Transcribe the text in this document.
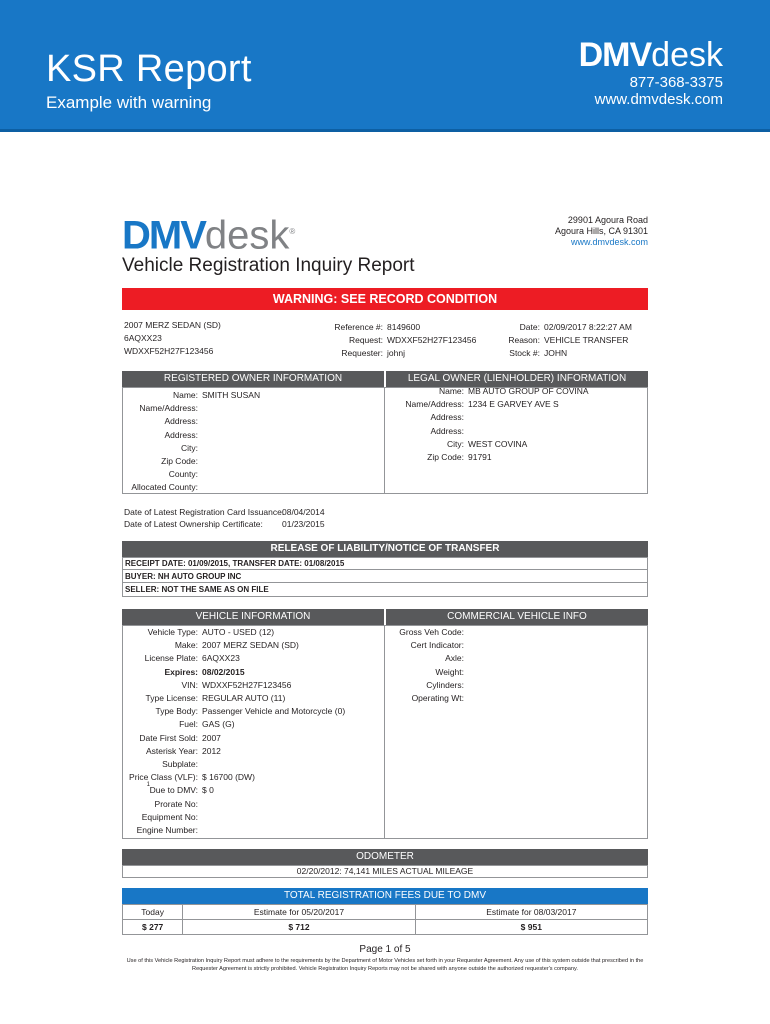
KSR Report
Example with warning
DMVdesk
877-368-3375
www.dmvdesk.com
DMVdesk®
29901 Agoura Road
Agoura Hills, CA 91301
www.dmvdesk.com
Vehicle Registration Inquiry Report
WARNING: SEE RECORD CONDITION
2007 MERZ SEDAN (SD)
6AQXX23
WDXXF52H27F123456
Reference #: 8149600
Request: WDXXF52H27F123456
Requester: johnj
Date: 02/09/2017 8:22:27 AM
Reason: VEHICLE TRANSFER
Stock #: JOHN
REGISTERED OWNER INFORMATION	LEGAL OWNER (LIENHOLDER) INFORMATION
Name: SMITH SUSAN
Name/Address:
Address:
Address:
City:
Zip Code:
County:
Allocated County:
Name: MB AUTO GROUP OF COVINA
Name/Address: 1234 E GARVEY AVE S
Address:
Address:
City: WEST COVINA
Zip Code: 91791
Date of Latest Registration Card Issuance:
08/04/2014
Date of Latest Ownership Certificate: 01/23/2015
RELEASE OF LIABILITY/NOTICE OF TRANSFER
RECEIPT DATE: 01/09/2015, TRANSFER DATE: 01/08/2015
BUYER: NH AUTO GROUP INC
SELLER: NOT THE SAME AS ON FILE
VEHICLE INFORMATION	COMMERCIAL VEHICLE INFO
Vehicle Type: AUTO - USED (12)
Make: 2007 MERZ SEDAN (SD)
License Plate: 6AQXX23
Expires: 08/02/2015
VIN: WDXXF52H27F123456
Type License: REGULAR AUTO (11)
Type Body: Passenger Vehicle and Motorcycle (0)
Fuel: GAS (G)
Date First Sold: 2007
Asterisk Year: 2012
Subplate:
Price Class (VLF): $ 16700 (DW)
1 Due to DMV: $ 0
Prorate No:
Equipment No:
Engine Number:
Gross Veh Code:
Cert Indicator:
Axle:
Weight:
Cylinders:
Operating Wt:
ODOMETER
02/20/2012: 74,141 MILES ACTUAL MILEAGE
TOTAL REGISTRATION FEES DUE TO DMV
Today	Estimate for 05/20/2017	Estimate for 08/03/2017
$ 277	$ 712	$ 951
Page 1 of 5
Use of this Vehicle Registration Inquiry Report must adhere to the requirements by the Department of Motor Vehicles set forth in your Requester Agreement. Any use of this system outside that prescribed in the Requester Agreement is strictly prohibited. Vehicle Registration Inquiry Reports may not be shared with anyone outside the authorized requester's company.
